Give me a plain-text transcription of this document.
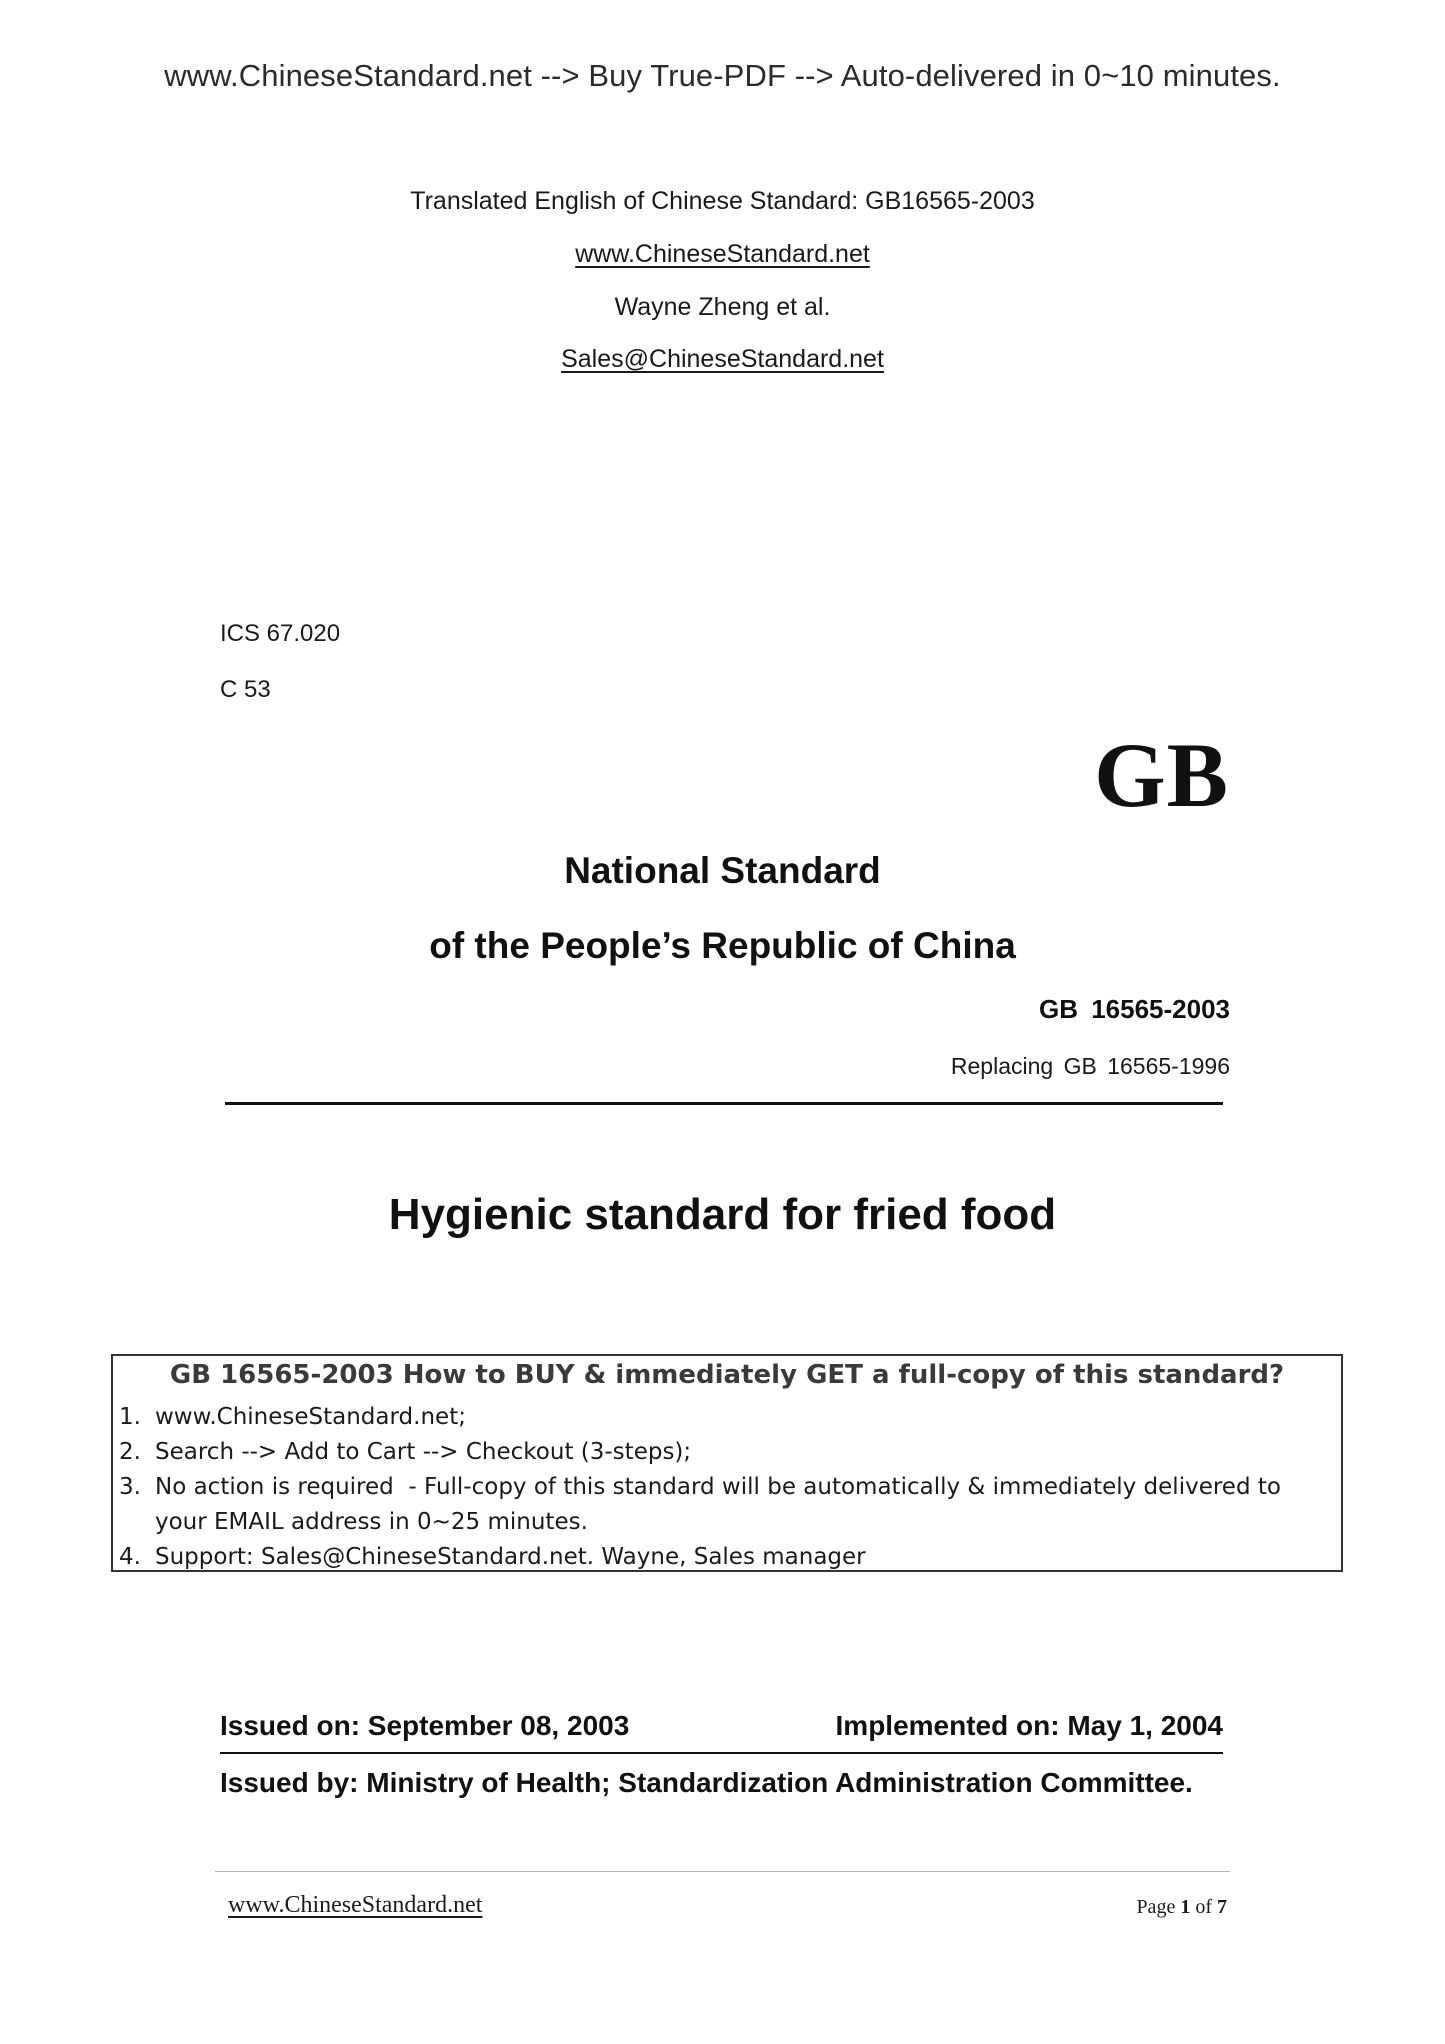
www.ChineseStandard.net --> Buy True-PDF --> Auto-delivered in 0~10 minutes.
Translated English of Chinese Standard: GB16565-2003
www.ChineseStandard.net
Wayne Zheng et al.
Sales@ChineseStandard.net
ICS 67.020
C 53
GB
National Standard
of the People’s Republic of China
GB 16565-2003
Replacing GB 16565-1996
Hygienic standard for fried food
GB 16565-2003 How to BUY & immediately GET a full-copy of this standard?
1. www.ChineseStandard.net;
2. Search --> Add to Cart --> Checkout (3-steps);
3. No action is required  - Full-copy of this standard will be automatically & immediately delivered to
your EMAIL address in 0~25 minutes.
4. Support: Sales@ChineseStandard.net. Wayne, Sales manager
Issued on: September 08, 2003	Implemented on: May 1, 2004
Issued by: Ministry of Health; Standardization Administration Committee.
www.ChineseStandard.net	Page 1 of 7
